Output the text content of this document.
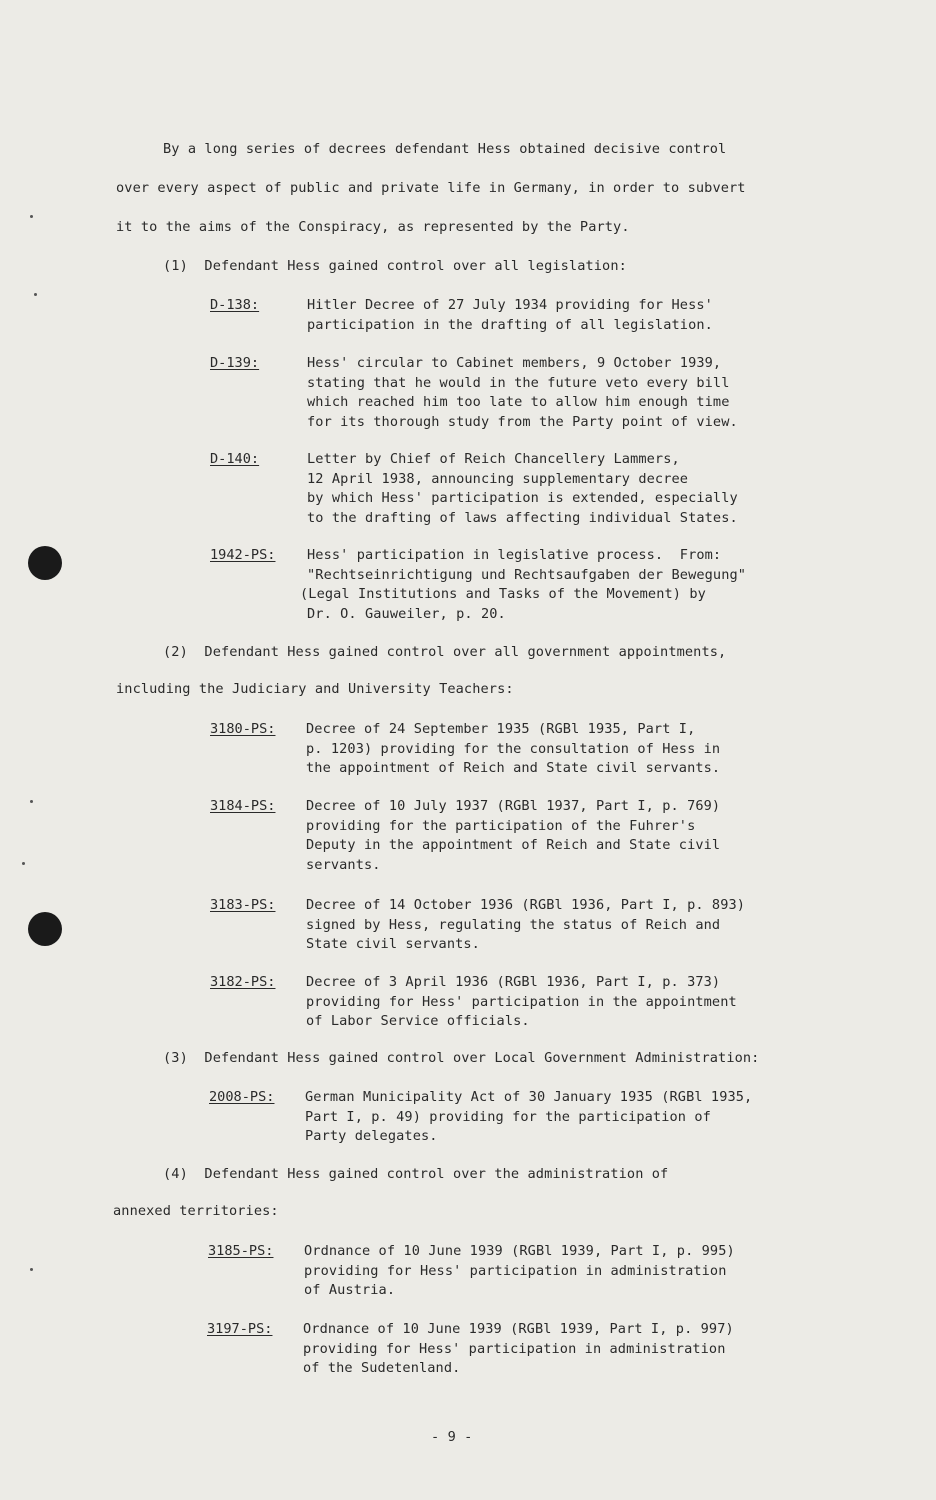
By a long series of decrees defendant Hess obtained decisive control
over every aspect of public and private life in Germany, in order to subvert
it to the aims of the Conspiracy, as represented by the Party.
(1)  Defendant Hess gained control over all legislation:
D-138:	Hitler Decree of 27 July 1934 providing for Hess'
participation in the drafting of all legislation.
D-139:	Hess' circular to Cabinet members, 9 October 1939,
stating that he would in the future veto every bill
which reached him too late to allow him enough time
for its thorough study from the Party point of view.
D-140:	Letter by Chief of Reich Chancellery Lammers,
12 April 1938, announcing supplementary decree
by which Hess' participation is extended, especially
to the drafting of laws affecting individual States.
1942-PS:	Hess' participation in legislative process.  From:
"Rechtseinrichtigung und Rechtsaufgaben der Bewegung"
(Legal Institutions and Tasks of the Movement) by
Dr. O. Gauweiler, p. 20.
(2)  Defendant Hess gained control over all government appointments,
including the Judiciary and University Teachers:
3180-PS: Decree of 24 September 1935 (RGBl 1935, Part I,
p. 1203) providing for the consultation of Hess in
the appointment of Reich and State civil servants.
3184-PS: Decree of 10 July 1937 (RGBl 1937, Part I, p. 769)
providing for the participation of the Fuhrer's
Deputy in the appointment of Reich and State civil
servants.
3183-PS: Decree of 14 October 1936 (RGBl 1936, Part I, p. 893)
signed by Hess, regulating the status of Reich and
State civil servants.
3182-PS: Decree of 3 April 1936 (RGBl 1936, Part I, p. 373)
providing for Hess' participation in the appointment
of Labor Service officials.
(3)  Defendant Hess gained control over Local Government Administration:
2008-PS: German Municipality Act of 30 January 1935 (RGBl 1935,
Part I, p. 49) providing for the participation of
Party delegates.
(4)  Defendant Hess gained control over the administration of
annexed territories:
3185-PS: Ordnance of 10 June 1939 (RGBl 1939, Part I, p. 995)
providing for Hess' participation in administration
of Austria.
3197-PS: Ordnance of 10 June 1939 (RGBl 1939, Part I, p. 997)
providing for Hess' participation in administration
of the Sudetenland.
- 9 -
